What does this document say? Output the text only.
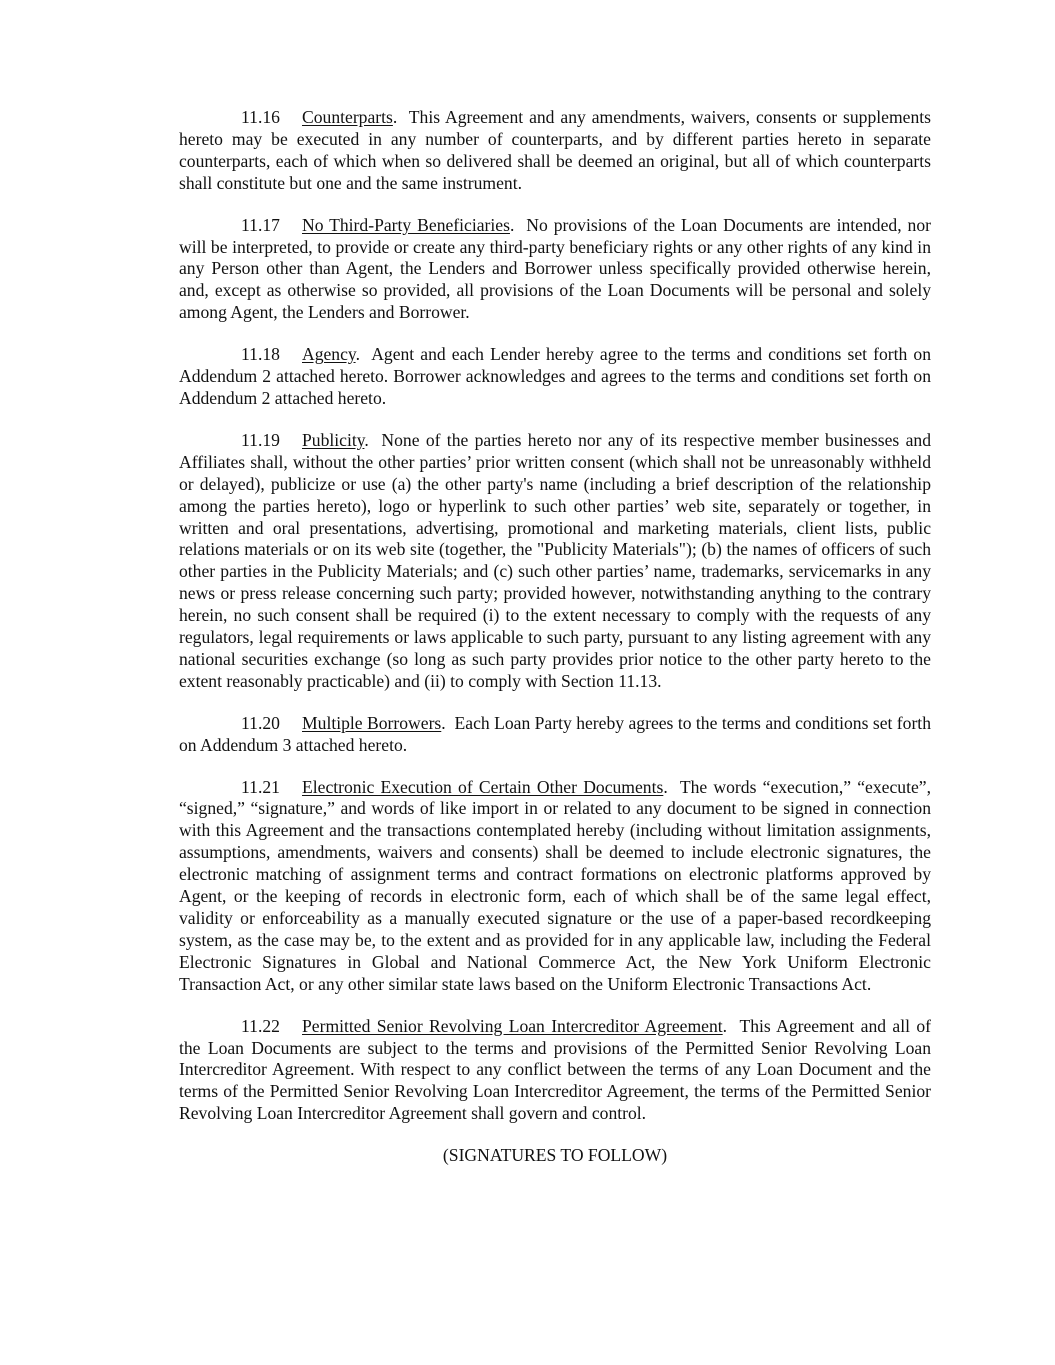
11.16 Counterparts.  This Agreement and any amendments, waivers, consents or supplements hereto may be executed in any number of counterparts, and by different parties hereto in separate counterparts, each of which when so delivered shall be deemed an original, but all of which counterparts shall constitute but one and the same instrument.

11.17 No Third-Party Beneficiaries.  No provisions of the Loan Documents are intended, nor will be interpreted, to provide or create any third-party beneficiary rights or any other rights of any kind in any Person other than Agent, the Lenders and Borrower unless specifically provided otherwise herein, and, except as otherwise so provided, all provisions of the Loan Documents will be personal and solely among Agent, the Lenders and Borrower.

11.18 Agency.  Agent and each Lender hereby agree to the terms and conditions set forth on Addendum 2 attached hereto. Borrower acknowledges and agrees to the terms and conditions set forth on Addendum 2 attached hereto.

11.19 Publicity.  None of the parties hereto nor any of its respective member businesses and Affiliates shall, without the other parties’ prior written consent (which shall not be unreasonably withheld or delayed), publicize or use (a) the other party's name (including a brief description of the relationship among the parties hereto), logo or hyperlink to such other parties’ web site, separately or together, in written and oral presentations, advertising, promotional and marketing materials, client lists, public relations materials or on its web site (together, the "Publicity Materials"); (b) the names of officers of such other parties in the Publicity Materials; and (c) such other parties’ name, trademarks, servicemarks in any news or press release concerning such party; provided however, notwithstanding anything to the contrary herein, no such consent shall be required (i) to the extent necessary to comply with the requests of any regulators, legal requirements or laws applicable to such party, pursuant to any listing agreement with any national securities exchange (so long as such party provides prior notice to the other party hereto to the extent reasonably practicable) and (ii) to comply with Section 11.13.

11.20 Multiple Borrowers.  Each Loan Party hereby agrees to the terms and conditions set forth on Addendum 3 attached hereto.

11.21 Electronic Execution of Certain Other Documents.  The words “execution,” “execute”, “signed,” “signature,” and words of like import in or related to any document to be signed in connection with this Agreement and the transactions contemplated hereby (including without limitation assignments, assumptions, amendments, waivers and consents) shall be deemed to include electronic signatures, the electronic matching of assignment terms and contract formations on electronic platforms approved by Agent, or the keeping of records in electronic form, each of which shall be of the same legal effect, validity or enforceability as a manually executed signature or the use of a paper-based recordkeeping system, as the case may be, to the extent and as provided for in any applicable law, including the Federal Electronic Signatures in Global and National Commerce Act, the New York Uniform Electronic Transaction Act, or any other similar state laws based on the Uniform Electronic Transactions Act.

11.22 Permitted Senior Revolving Loan Intercreditor Agreement.  This Agreement and all of the Loan Documents are subject to the terms and provisions of the Permitted Senior Revolving Loan Intercreditor Agreement. With respect to any conflict between the terms of any Loan Document and the terms of the Permitted Senior Revolving Loan Intercreditor Agreement, the terms of the Permitted Senior Revolving Loan Intercreditor Agreement shall govern and control.

(SIGNATURES TO FOLLOW)
